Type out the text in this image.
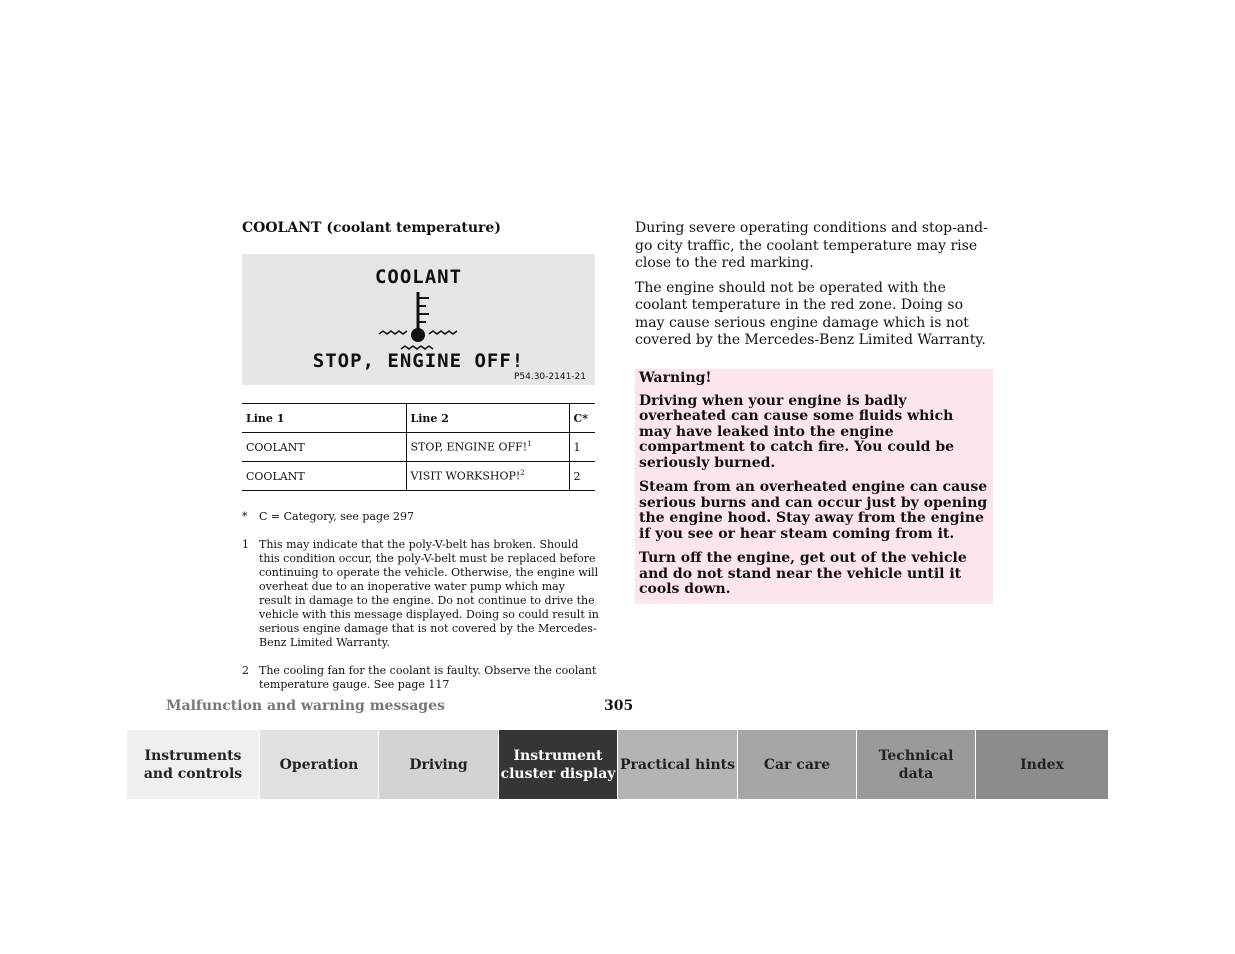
COOLANT (coolant temperature)
COOLANT
STOP, ENGINE OFF!
P54.30-2141-21
Line 1	Line 2	C*
COOLANT	STOP, ENGINE OFF!$^1$	1
COOLANT	VISIT WORKSHOP!$^2$	2
*	C = Category, see page 297
1 This may indicate that the poly-V-belt has broken. Should this condition occur, the poly-V-belt must be replaced before continuing to operate the vehicle. Otherwise, the engine will overheat due to an inoperative water pump which may result in damage to the engine. Do not continue to drive the vehicle with this message displayed. Doing so could result in serious engine damage that is not covered by the Mercedes-Benz Limited Warranty.
2 The cooling fan for the coolant is faulty. Observe the coolant temperature gauge. See page 117

During severe operating conditions and stop-and-go city traffic, the coolant temperature may rise close to the red marking.

The engine should not be operated with the coolant temperature in the red zone. Doing so may cause serious engine damage which is not covered by the Mercedes-Benz Limited Warranty.

Warning!

Driving when your engine is badly overheated can cause some fluids which may have leaked into the engine compartment to catch fire. You could be seriously burned.

Steam from an overheated engine can cause serious burns and can occur just by opening the engine hood. Stay away from the engine if you see or hear steam coming from it.

Turn off the engine, get out of the vehicle and do not stand near the vehicle until it cools down.

Malfunction and warning messages	305
Instruments
and controls
Operation	Driving
Instrument
cluster display
Practical hints	Car care
Technical
data
Index
